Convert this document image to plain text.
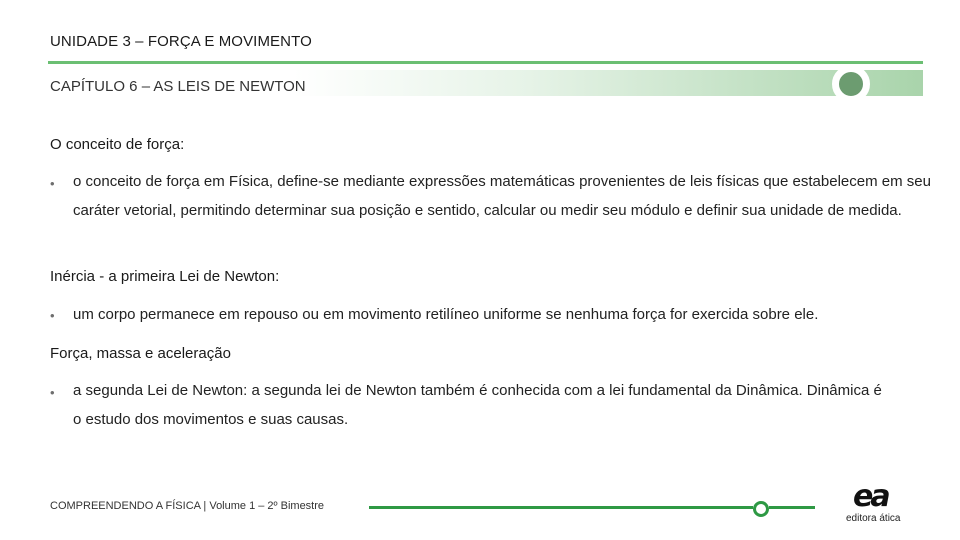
UNIDADE 3 – FORÇA E MOVIMENTO
CAPÍTULO 6 – AS LEIS DE NEWTON
O conceito de força:
• o conceito de força em Física, define-se mediante expressões matemáticas provenientes de leis físicas que estabelecem em seu caráter vetorial, permitindo determinar sua posição e sentido, calcular ou medir seu módulo e definir sua unidade de medida.
Inércia - a primeira Lei de Newton:
• um corpo permanece em repouso ou em movimento retilíneo uniforme se nenhuma força for exercida sobre ele.
Força, massa e aceleração
• a segunda Lei de Newton: a segunda lei de Newton também é conhecida com a lei fundamental da Dinâmica. Dinâmica é o estudo dos movimentos e suas causas.
COMPREENDENDO A FÍSICA | Volume 1 – 2º Bimestre	ea
editora ática
